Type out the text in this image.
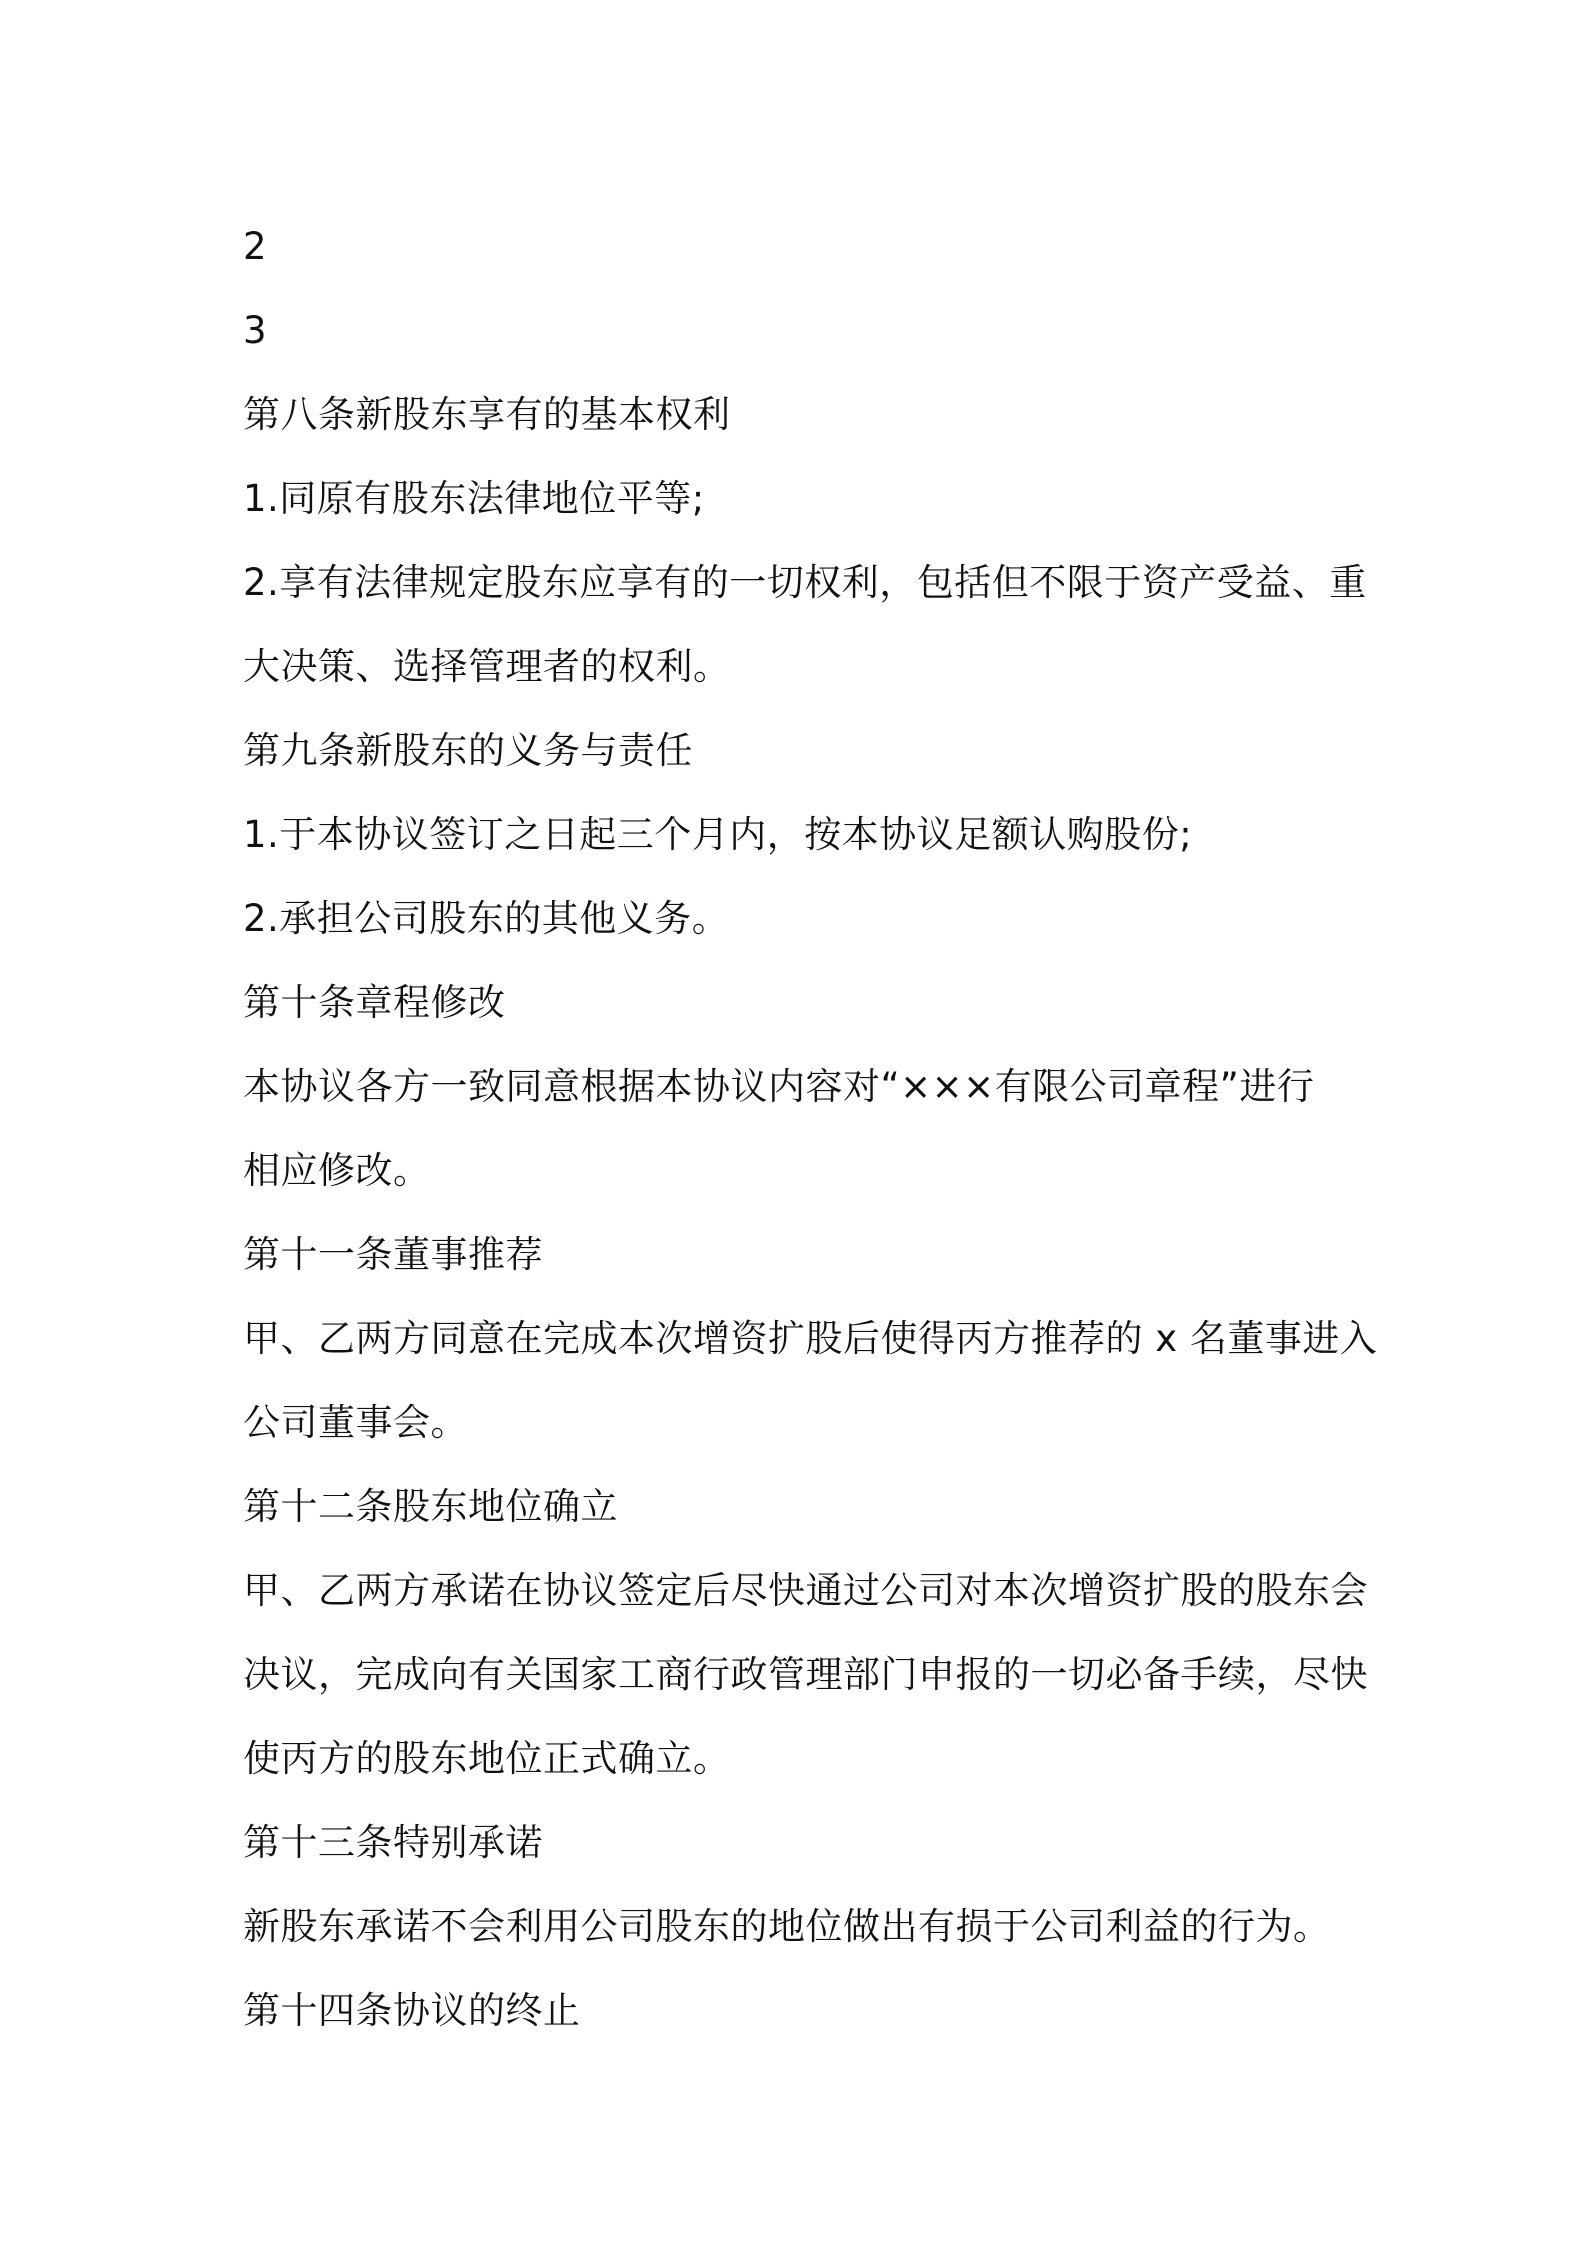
2
3
第八条新股东享有的基本权利
1.同原有股东法律地位平等;
2.享有法律规定股东应享有的一切权利，包括但不限于资产受益、重
大决策、选择管理者的权利。
第九条新股东的义务与责任
1.于本协议签订之日起三个月内，按本协议足额认购股份;
2.承担公司股东的其他义务。
第十条章程修改
本协议各方一致同意根据本协议内容对“×××有限公司章程”进行
相应修改。
第十一条董事推荐
甲、乙两方同意在完成本次增资扩股后使得丙方推荐的 x 名董事进入
公司董事会。
第十二条股东地位确立
甲、乙两方承诺在协议签定后尽快通过公司对本次增资扩股的股东会
决议，完成向有关国家工商行政管理部门申报的一切必备手续，尽快
使丙方的股东地位正式确立。
第十三条特别承诺
新股东承诺不会利用公司股东的地位做出有损于公司利益的行为。
第十四条协议的终止
